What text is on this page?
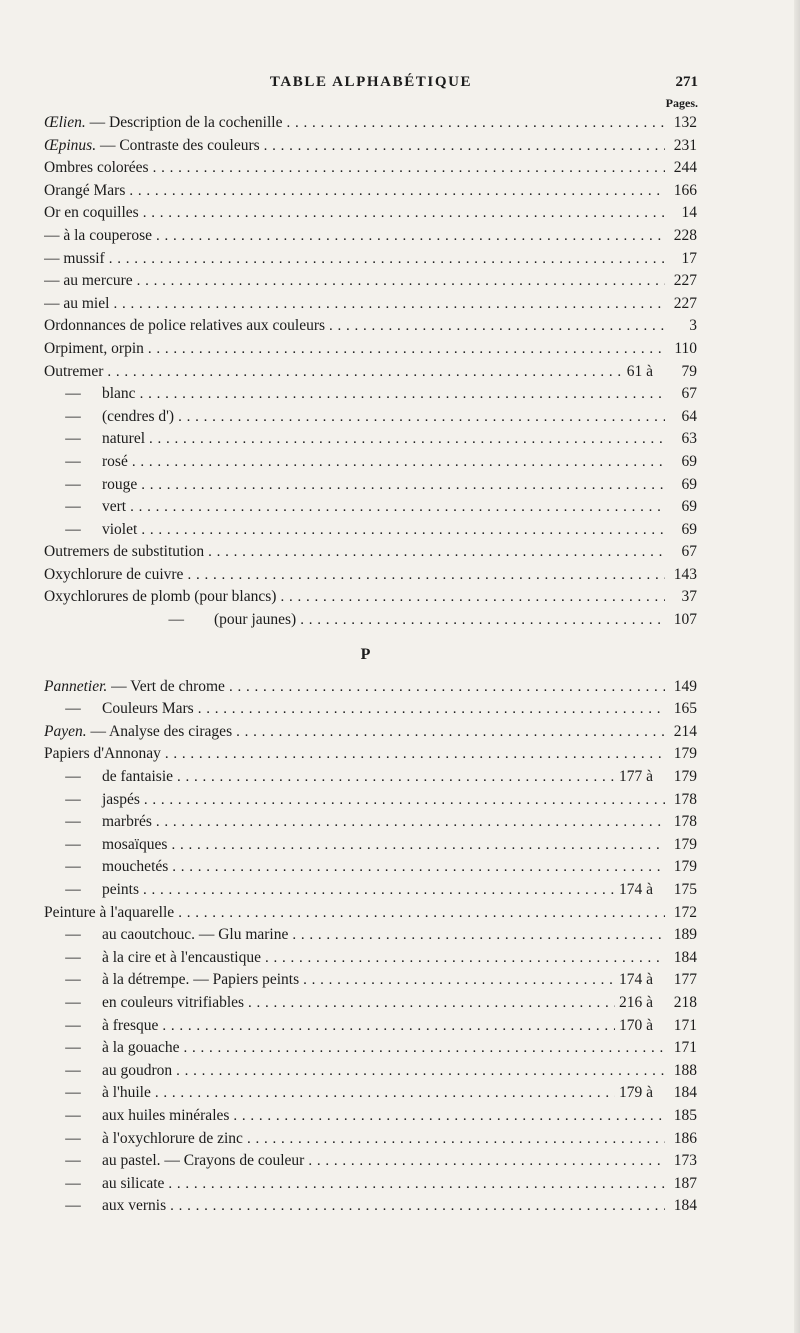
TABLE ALPHABÉTIQUE	271
Pages.
Œlien. — Description de la cochenille . . .	132
Œpinus. — Contraste des couleurs . . .	231
Ombres colorées . . .	244
Orangé Mars . . .	166
Or en coquilles . . .	14
— à la couperose . . .	228
— mussif . . .	17
— au mercure . . .	227
— au miel . . .	227
Ordonnances de police relatives aux couleurs . . .	3
Orpiment, orpin . . .	110
Outremer . . .	61 à	79
—	blanc . . .	67
—	(cendres d') . . .	64
—	naturel . . .	63
—	rosé . . .	69
—	rouge . . .	69
—	vert . . .	69
—	violet . . .	69
Outremers de substitution . . .	67
Oxychlorure de cuivre . . .	143
Oxychlorures de plomb (pour blancs) . . .	37
—	(pour jaunes) . . .	107
P
Pannetier. — Vert de chrome . . .	149
—	Couleurs Mars . . .	165
Payen. — Analyse des cirages . . .	214
Papiers d'Annonay . . .	179
—	de fantaisie . . .	177 à	179
—	jaspés . . .	178
—	marbrés . . .	178
—	mosaïques . . .	179
—	mouchetés . . .	179
—	peints . . .	174 à	175
Peinture à l'aquarelle . . .	172
—	au caoutchouc. — Glu marine . . .	189
—	à la cire et à l'encaustique . . .	184
—	à la détrempe. — Papiers peints . . .	174 à	177
—	en couleurs vitrifiables . . .	216 à	218
—	à fresque . . .	170 à	171
—	à la gouache . . .	171
—	au goudron . . .	188
—	à l'huile . . .	179 à	184
—	aux huiles minérales . . .	185
—	à l'oxychlorure de zinc . . .	186
—	au pastel. — Crayons de couleur . . .	173
—	au silicate . . .	187
—	aux vernis . . .	184
